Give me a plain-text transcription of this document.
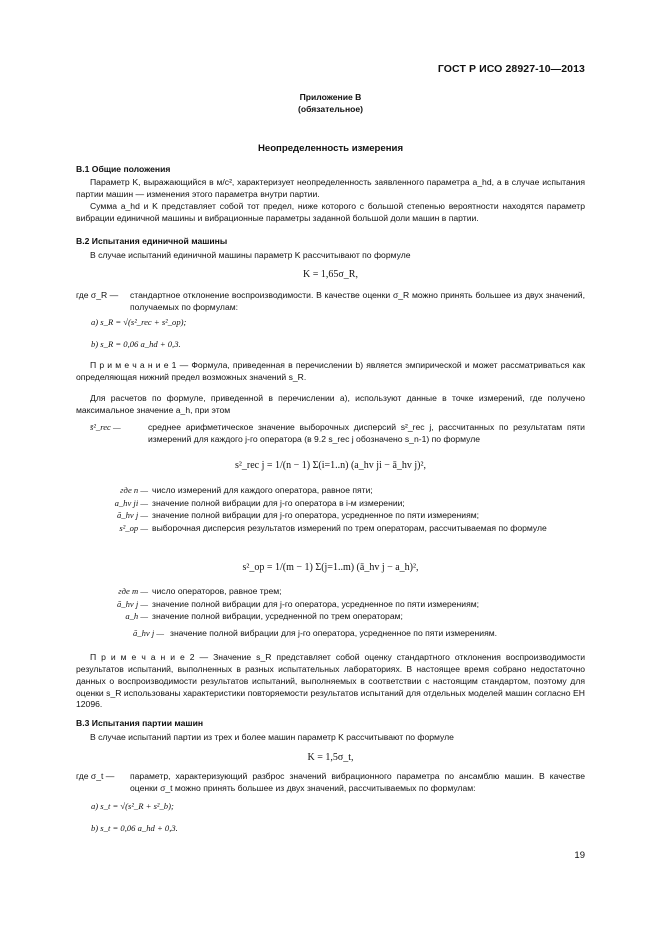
ГОСТ Р ИСО 28927-10—2013
Приложение В
(обязательное)
Неопределенность измерения
В.1 Общие положения

Параметр K, выражающийся в м/с², характеризует неопределенность заявленного параметра a_hd, а в случае испытания партии машин — изменения этого параметра внутри партии.

Сумма a_hd и K представляет собой тот предел, ниже которого с большой степенью вероятности находятся параметр вибрации единичной машины и вибрационные параметры заданной большой доли машин в партии.

В.2 Испытания единичной машины

В случае испытаний единичной машины параметр K рассчитывают по формуле

K = 1,65σ_R,
где σ_R —	стандартное отклонение воспроизводимости. В качестве оценки σ_R можно принять большее из двух значений, получаемых по формулам:
а) s_R = √(s²_rec + s²_op);
b) s_R = 0,06 a_hd + 0,3.

П р и м е ч а н и е 1 — Формула, приведенная в перечислении b) является эмпирической и может рассматриваться как определяющая нижний предел возможных значений s_R.

Для расчетов по формуле, приведенной в перечислении а), используют данные в точке измерений, где получено максимальное значение a_h, при этом

s̄²_rec —	среднее арифметическое значение выборочных дисперсий s²_rec j, рассчитанных по результатам пяти измерений для каждого j-го оператора (в 9.2 s_rec j обозначено s_n-1) по формуле
s²_rec j = 1/(n − 1) Σ(i=1..n) (a_hv ji − ā_hv j)²,
где n — число измерений для каждого оператора, равное пяти;
a_hv ji — значение полной вибрации для j-го оператора в i-м измерении;
ā_hv j — значение полной вибрации для j-го оператора, усредненное по пяти измерениям;
s²_op — выборочная дисперсия результатов измерений по трем операторам, рассчитываемая по формуле
s²_op = 1/(m − 1) Σ(j=1..m) (ā_hv j − a_h)²,
где m — число операторов, равное трем;
ā_hv j — значение полной вибрации для j-го оператора, усредненное по пяти измерениям;
a_h — значение полной вибрации, усредненной по трем операторам;
ā_hv j — значение полной вибрации для j-го оператора, усредненное по пяти измерениям.

П р и м е ч а н и е 2 — Значение s_R представляет собой оценку стандартного отклонения воспроизводимости результатов испытаний, выполненных в разных испытательных лабораториях. В настоящее время собрано недостаточно данных о воспроизводимости результатов испытаний, выполняемых в соответствии с настоящим стандартом, поэтому для оценки s_R использованы характеристики повторяемости результатов испытаний для отдельных моделей машин согласно ЕН 12096.

В.3 Испытания партии машин

В случае испытаний партии из трех и более машин параметр K рассчитывают по формуле

K = 1,5σ_t,
где σ_t —	параметр, характеризующий разброс значений вибрационного параметра по ансамблю машин. В качестве оценки σ_t можно принять большее из двух значений, рассчитываемых по формулам:
а) s_t = √(s²_R + s²_b);
b) s_t = 0,06 a_hd + 0,3.
19
